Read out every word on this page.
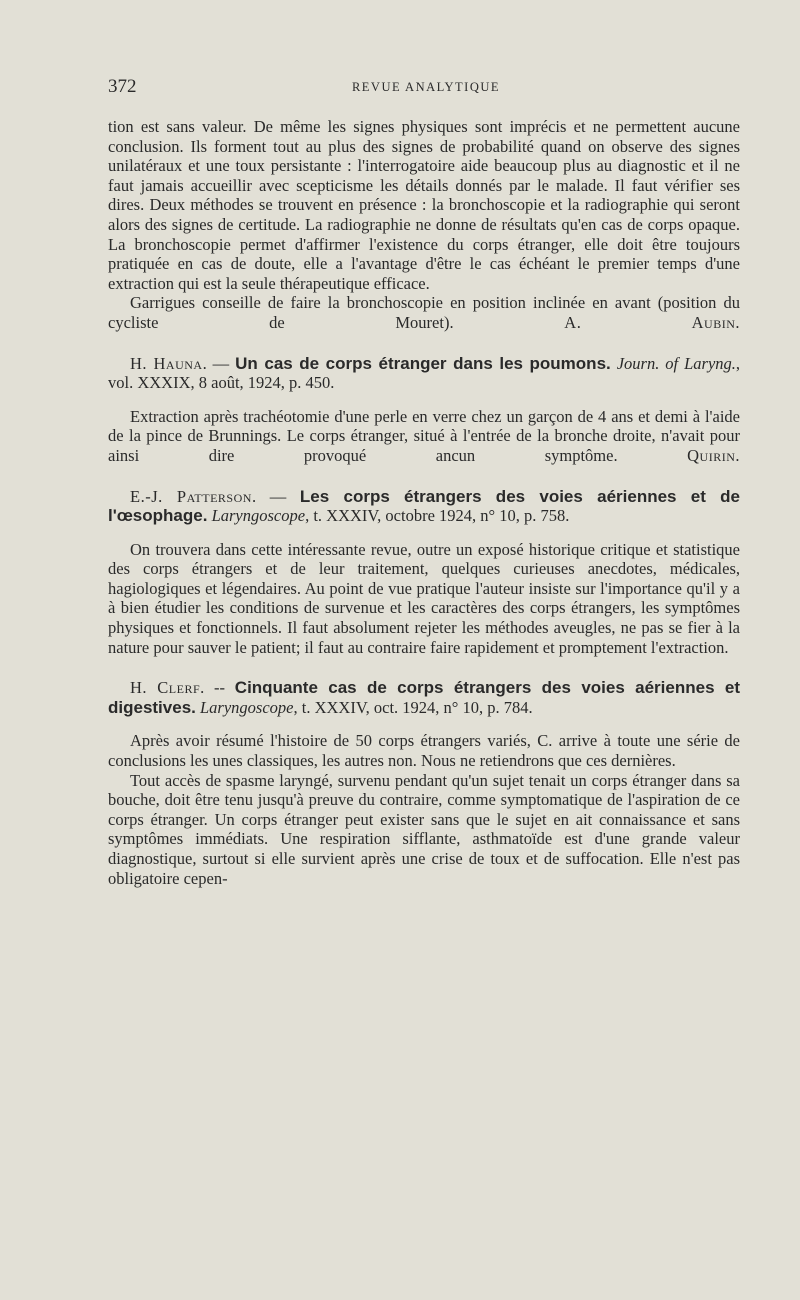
372	REVUE ANALYTIQUE

tion est sans valeur. De même les signes physiques sont imprécis et ne permettent aucune conclusion. Ils forment tout au plus des signes de probabilité quand on observe des signes unilatéraux et une toux persistante : l'interrogatoire aide beaucoup plus au diagnostic et il ne faut jamais accueillir avec scepticisme les détails donnés par le malade. Il faut vérifier ses dires. Deux méthodes se trouvent en présence : la bronchoscopie et la radiographie qui seront alors des signes de certitude. La radiographie ne donne de résultats qu'en cas de corps opaque. La bronchoscopie permet d'affirmer l'existence du corps étranger, elle doit être toujours pratiquée en cas de doute, elle a l'avantage d'être le cas échéant le premier temps d'une extraction qui est la seule thérapeutique efficace.

Garrigues conseille de faire la bronchoscopie en position inclinée en avant (position du cycliste de Mouret).	A. Aubin.

H. Hauna. — Un cas de corps étranger dans les poumons. Journ. of Laryng., vol. XXXIX, 8 août, 1924, p. 450.

Extraction après trachéotomie d'une perle en verre chez un garçon de 4 ans et demi à l'aide de la pince de Brunnings. Le corps étranger, situé à l'entrée de la bronche droite, n'avait pour ainsi dire provoqué ancun symptôme.	Quirin.

E.-J. Patterson. — Les corps étrangers des voies aériennes et de l'œsophage. Laryngoscope, t. XXXIV, octobre 1924, n° 10, p. 758.

On trouvera dans cette intéressante revue, outre un exposé historique critique et statistique des corps étrangers et de leur traitement, quelques curieuses anecdotes, médicales, hagiologiques et légendaires. Au point de vue pratique l'auteur insiste sur l'importance qu'il y a à bien étudier les conditions de survenue et les caractères des corps étrangers, les symptômes physiques et fonctionnels. Il faut absolument rejeter les méthodes aveugles, ne pas se fier à la nature pour sauver le patient; il faut au contraire faire rapidement et promptement l'extraction.

H. Clerf. -- Cinquante cas de corps étrangers des voies aériennes et digestives. Laryngoscope, t. XXXIV, oct. 1924, n° 10, p. 784.

Après avoir résumé l'histoire de 50 corps étrangers variés, C. arrive à toute une série de conclusions les unes classiques, les autres non. Nous ne retiendrons que ces dernières.

Tout accès de spasme laryngé, survenu pendant qu'un sujet tenait un corps étranger dans sa bouche, doit être tenu jusqu'à preuve du contraire, comme symptomatique de l'aspiration de ce corps étranger. Un corps étranger peut exister sans que le sujet en ait connaissance et sans symptômes immédiats. Une respiration sifflante, asthmatoïde est d'une grande valeur diagnostique, surtout si elle survient après une crise de toux et de suffocation. Elle n'est pas obligatoire cepen-
